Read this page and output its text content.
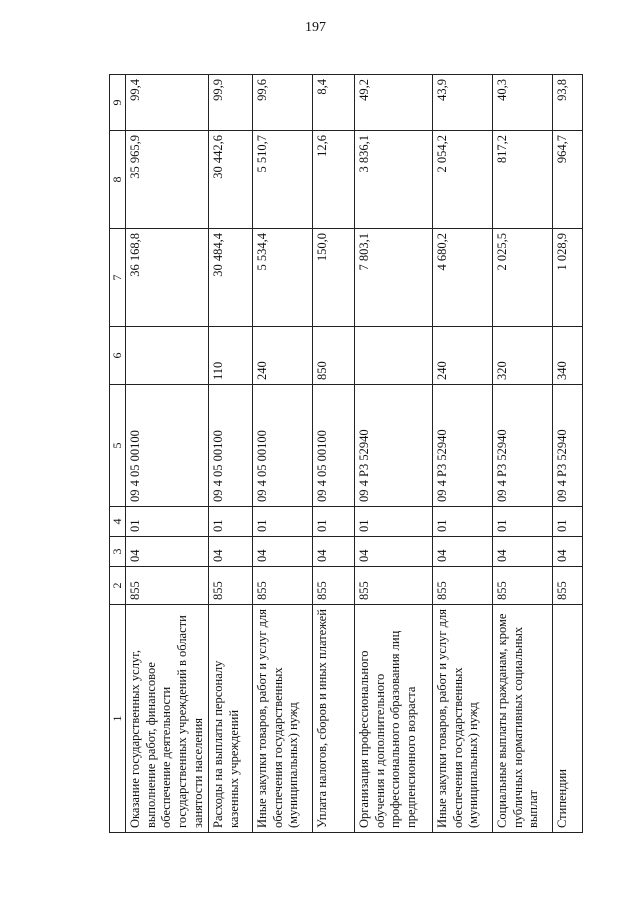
197
1	2	3	4	5	6	7	8	9
Оказание государственных услуг, выполнение работ, финансовое обеспечение деятельности государственных учреждений в области занятости населения	855	04	01	09 4 05 00100		36 168,8	35 965,9	99,4
Расходы на выплаты персоналу казенных учреждений	855	04	01	09 4 05 00100	110	30 484,4	30 442,6	99,9
Иные закупки товаров, работ и услуг для обеспечения государственных (муниципальных) нужд	855	04	01	09 4 05 00100	240	5 534,4	5 510,7	99,6
Уплата налогов, сборов и иных платежей	855	04	01	09 4 05 00100	850	150,0	12,6	8,4
Организация профессионального обучения и дополнительного профессионального образования лиц предпенсионного возраста	855	04	01	09 4 P3 52940		7 803,1	3 836,1	49,2
Иные закупки товаров, работ и услуг для обеспечения государственных (муниципальных) нужд	855	04	01	09 4 P3 52940	240	4 680,2	2 054,2	43,9
Социальные выплаты гражданам, кроме публичных нормативных социальных выплат	855	04	01	09 4 P3 52940	320	2 025,5	817,2	40,3
Стипендии	855	04	01	09 4 P3 52940	340	1 028,9	964,7	93,8
